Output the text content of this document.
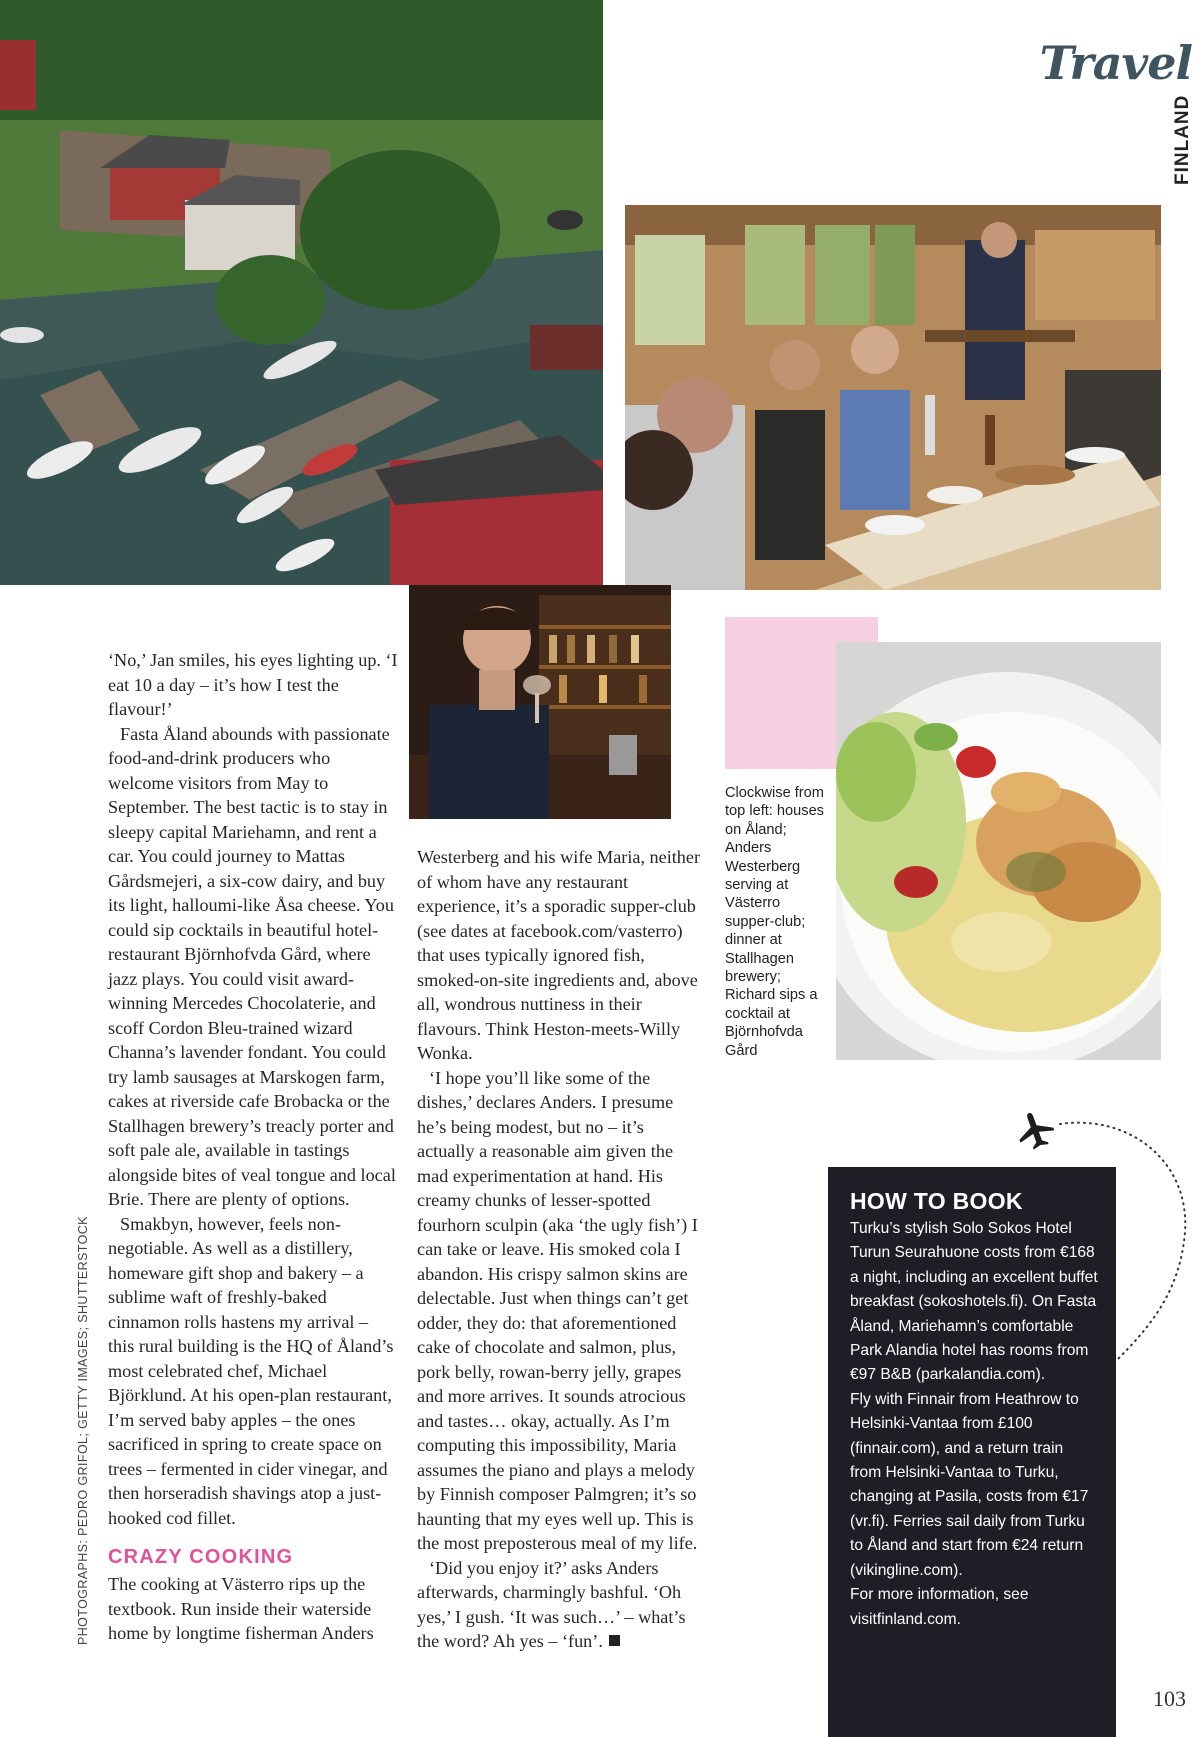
Travel
FINLAND
PHOTOGRAPHS: PEDRO GRIFOL; GETTY IMAGES; SHUTTERSTOCK

‘No,’ Jan smiles, his eyes lighting up. ‘I eat 10 a day – it’s how I test the flavour!’

Fasta Åland abounds with passionate food-and-drink producers who welcome visitors from May to September. The best tactic is to stay in sleepy capital Mariehamn, and rent a car. You could journey to Mattas Gårdsmejeri, a six-cow dairy, and buy its light, halloumi-like Åsa cheese. You could sip cocktails in beautiful hotel-restaurant Björnhofvda Gård, where jazz plays. You could visit award-winning Mercedes Chocolaterie, and scoff Cordon Bleu-trained wizard Channa’s lavender fondant. You could try lamb sausages at Marskogen farm, cakes at riverside cafe Brobacka or the Stallhagen brewery’s treacly porter and soft pale ale, available in tastings alongside bites of veal tongue and local Brie. There are plenty of options.

Smakbyn, however, feels non-negotiable. As well as a distillery, homeware gift shop and bakery – a sublime waft of freshly-baked cinnamon rolls hastens my arrival – this rural building is the HQ of Åland’s most celebrated chef, Michael Björklund. At his open-plan restaurant, I’m served baby apples – the ones sacrificed in spring to create space on trees – fermented in cider vinegar, and then horseradish shavings atop a just-hooked cod fillet.

CRAZY COOKING

The cooking at Västerro rips up the textbook. Run inside their waterside home by longtime fisherman Anders

Westerberg and his wife Maria, neither of whom have any restaurant experience, it’s a sporadic supper-club (see dates at facebook.com/vasterro) that uses typically ignored fish, smoked-on-site ingredients and, above all, wondrous nuttiness in their flavours. Think Heston-meets-Willy Wonka.

‘I hope you’ll like some of the dishes,’ declares Anders. I presume he’s being modest, but no – it’s actually a reasonable aim given the mad experimentation at hand. His creamy chunks of lesser-spotted fourhorn sculpin (aka ‘the ugly fish’) I can take or leave. His smoked cola I abandon. His crispy salmon skins are delectable. Just when things can’t get odder, they do: that aforementioned cake of chocolate and salmon, plus, pork belly, rowan-berry jelly, grapes and more arrives. It sounds atrocious and tastes… okay, actually. As I’m computing this impossibility, Maria assumes the piano and plays a melody by Finnish composer Palmgren; it’s so haunting that my eyes well up. This is the most preposterous meal of my life.

‘Did you enjoy it?’ asks Anders afterwards, charmingly bashful. ‘Oh yes,’ I gush. ‘It was such…’ – what’s the word? Ah yes – ‘fun’.

Clockwise from top left: houses on Åland; Anders Westerberg serving at Västerro supper-club; dinner at Stallhagen brewery; Richard sips a cocktail at Björnhofvda Gård
HOW TO BOOK

Turku’s stylish Solo Sokos Hotel Turun Seurahuone costs from €168 a night, including an excellent buffet breakfast (sokoshotels.fi). On Fasta Åland, Mariehamn’s comfortable Park Alandia hotel has rooms from €97 B&B (parkalandia.com).

Fly with Finnair from Heathrow to Helsinki-Vantaa from £100 (finnair.com), and a return train from Helsinki-Vantaa to Turku, changing at Pasila, costs from €17 (vr.fi). Ferries sail daily from Turku to Åland and start from €24 return (vikingline.com).

For more information, see visitfinland.com.

103
